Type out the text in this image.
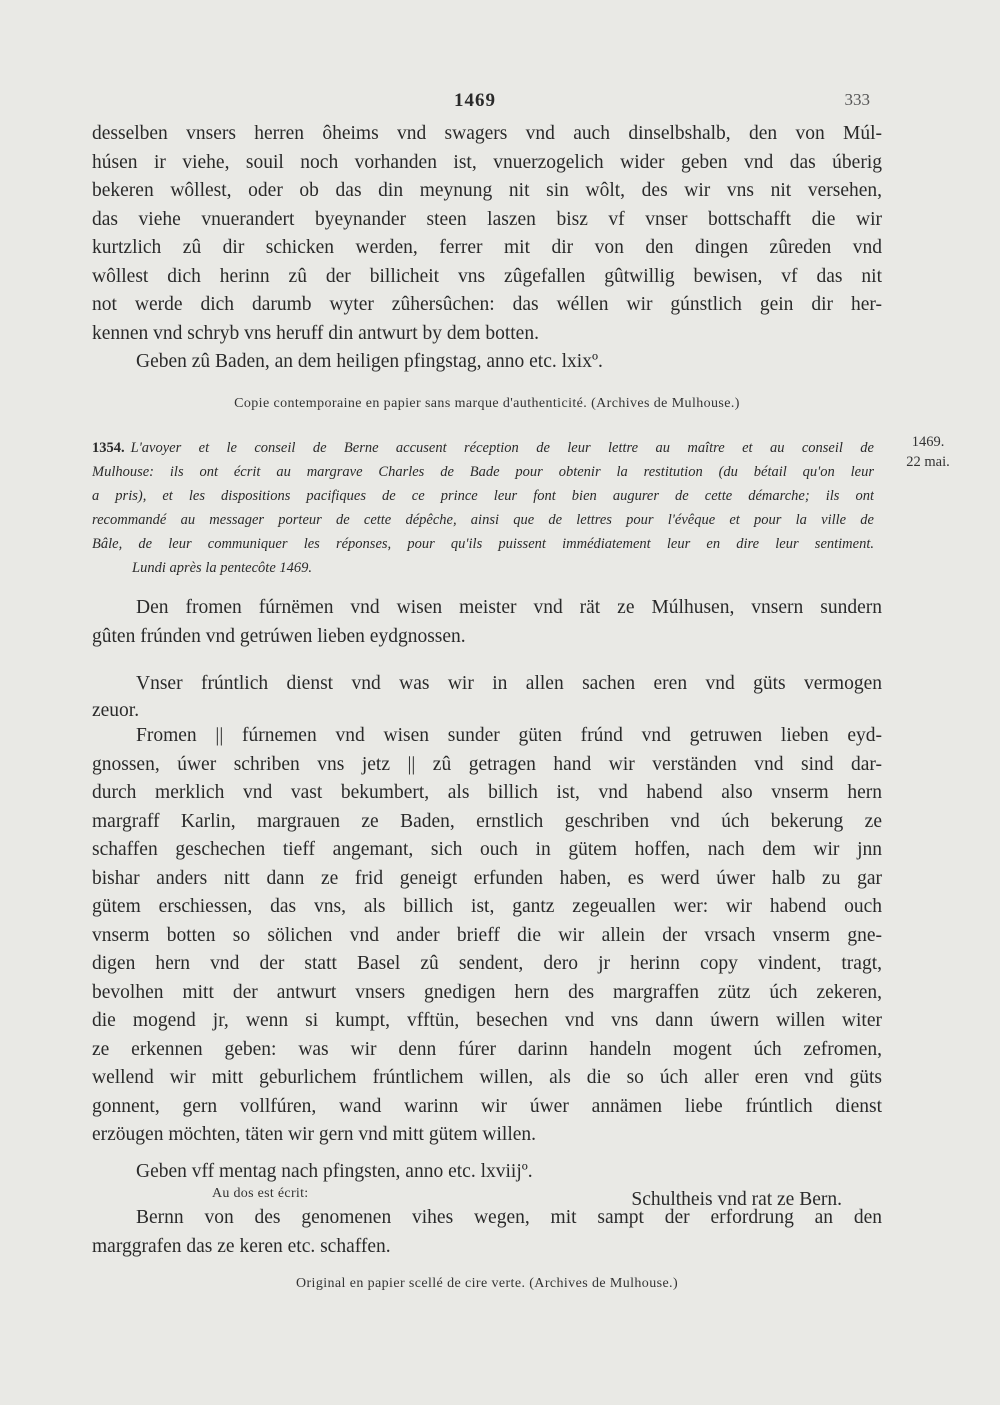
1469	333
desselben vnsers herren ôheims vnd swagers vnd auch dinselbshalb, den von Múl-
húsen ir viehe, souil noch vorhanden ist, vnuerzogelich wider geben vnd das úberig
bekeren wôllest, oder ob das din meynung nit sin wôlt, des wir vns nit versehen,
das viehe vnuerandert byeynander steen laszen bisz vf vnser bottschafft die wir
kurtzlich zû dir schicken werden, ferrer mit dir von den dingen zûreden vnd
wôllest dich herinn zû der billicheit vns zûgefallen gûtwillig bewisen, vf das nit
not werde dich darumb wyter zûhersûchen: das wéllen wir gúnstlich gein dir her-
kennen vnd schryb vns heruff din antwurt by dem botten.
Geben zû Baden, an dem heiligen pfingstag, anno etc. lxixº.
Copie contemporaine en papier sans marque d'authenticité. (Archives de Mulhouse.)
1469.
22 mai.
1354. L'avoyer et le conseil de Berne accusent réception de leur lettre au maître et au conseil de
Mulhouse: ils ont écrit au margrave Charles de Bade pour obtenir la restitution (du bétail qu'on leur
a pris), et les dispositions pacifiques de ce prince leur font bien augurer de cette démarche; ils ont
recommandé au messager porteur de cette dépêche, ainsi que de lettres pour l'évêque et pour la ville de
Bâle, de leur communiquer les réponses, pour qu'ils puissent immédiatement leur en dire leur sentiment.
Lundi après la pentecôte 1469.
Den fromen fúrnëmen vnd wisen meister vnd rät ze Múlhusen, vnsern sundern
gûten frúnden vnd getrúwen lieben eydgnossen.
Vnser frúntlich dienst vnd was wir in allen sachen eren vnd güts vermogen
zeuor.
Fromen || fúrnemen vnd wisen sunder güten frúnd vnd getruwen lieben eyd-
gnossen, úwer schriben vns jetz || zû getragen hand wir verständen vnd sind dar-
durch merklich vnd vast bekumbert, als billich ist, vnd habend also vnserm hern
margraff Karlin, margrauen ze Baden, ernstlich geschriben vnd úch bekerung ze
schaffen geschechen tieff angemant, sich ouch in gütem hoffen, nach dem wir jnn
bishar anders nitt dann ze frid geneigt erfunden haben, es werd úwer halb zu gar
gütem erschiessen, das vns, als billich ist, gantz zegeuallen wer: wir habend ouch
vnserm botten so sölichen vnd ander brieff die wir allein der vrsach vnserm gne-
digen hern vnd der statt Basel zû sendent, dero jr herinn copy vindent, tragt,
bevolhen mitt der antwurt vnsers gnedigen hern des margraffen zütz úch zekeren,
die mogend jr, wenn si kumpt, vfftün, besechen vnd vns dann úwern willen witer
ze erkennen geben: was wir denn fúrer darinn handeln mogent úch zefromen,
wellend wir mitt geburlichem frúntlichem willen, als die so úch aller eren vnd güts
gonnent, gern vollfúren, wand warinn wir úwer annämen liebe frúntlich dienst
erzöugen möchten, täten wir gern vnd mitt gütem willen.
Geben vff mentag nach pfingsten, anno etc. lxviijº.
Schultheis vnd rat ze Bern.
Au dos est écrit:
Bernn von des genomenen vihes wegen, mit sampt der erfordrung an den
marggrafen das ze keren etc. schaffen.
Original en papier scellé de cire verte. (Archives de Mulhouse.)
